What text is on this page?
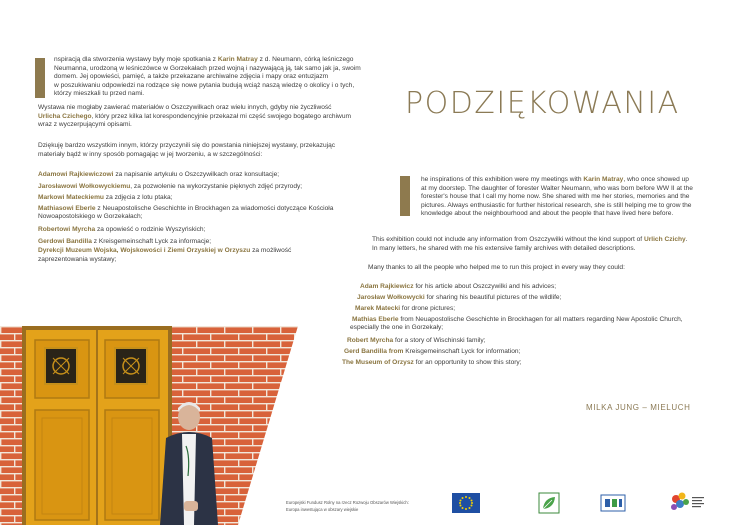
nspiracją dla stworzenia wystawy były moje spotkania z Karin Matray z d. Neumann, córką leśniczego
Neumanna, urodzoną w leśniczówce w Gorzekałach przed wojną i nazywającą ją, tak samo jak ja, swoim
domem. Jej opowieści, pamięć, a także przekazane archiwalne zdjęcia i mapy oraz entuzjazm
w poszukiwaniu odpowiedzi na rodzące się nowe pytania budują wciąż naszą wiedzę o okolicy i o tych,
którzy mieszkali tu przed nami.
Wystawa nie mogłaby zawierać materiałów o Oszczywilkach oraz wielu innych, gdyby nie życzliwość
Urlicha Czichego, który przez kilka lat korespondencyjnie przekazał mi część swojego bogatego archiwum
wraz z wyczerpującymi opisami.
Dziękuję bardzo wszystkim innym, którzy przyczynili się do powstania niniejszej wystawy, przekazując
materiały bądź w inny sposób pomagając w jej tworzeniu, a w szczególności:
Adamowi Rajkiewiczowi za napisanie artykułu o Oszczywilkach oraz konsultacje;
Jarosławowi Wołkowyckiemu, za pozwolenie na wykorzystanie pięknych zdjęć przyrody;
Markowi Mateckiemu za zdjęcia z lotu ptaka;
Mathiasowi Eberle z Neuapostolische Geschichte in Brockhagen za wiadomości dotyczące Kościoła
Nowoapostolskiego w Gorzekałach;
Robertowi Myrcha za opowieść o rodzinie Wyszyńskich;
Gerdowi Bandilla z Kreisgemeinschaft Lyck za informacje;
Dyrekcji Muzeum Wojska, Wojskowości i Ziemi Orzyskiej w Orzyszu za możliwość
zaprezentowania wystawy;
PODZIĘKOWANIA
he inspirations of this exhibition were my meetings with Karin Matray, who once showed up
at my doorstep. The daughter of forester Walter Neumann, who was born before WW II at the
forester's house that I call my home now. She shared with me her stories, memories and the
pictures. Always enthusiastic for further historical research, she is still helping me to grow the
knowledge about the neighbourhood and about the people that have lived here before.
This exhibition could not include any information from Oszczywilki without the kind support of Urlich Czichy.
In many letters, he shared with me his extensive family archives with detailed descriptions.
Many thanks to all the people who helped me to run this project in every way they could:
Adam Rajkiewicz for his article about Oszczywilki and his advices;
Jarosław Wołkowycki for sharing his beautiful pictures of the wildlife;
Marek Matecki for drone pictures;
Mathias Eberle from Neuapostolische Geschichte in Brockhagen for all matters regarding New Apostolic Church,
especially the one in Gorzekały;
Robert Myrcha for a story of Wischinski family;
Gerd Bandilla from Kreisgemeinschaft Lyck for information;
The Museum of Orzysz for an opportunity to show this story;
MILKA JUNG – MIELUCH
Europejski Fundusz Rolny na rzecz Rozwoju Obszarów Wiejskich:
Europa inwestująca w obszary wiejskie
